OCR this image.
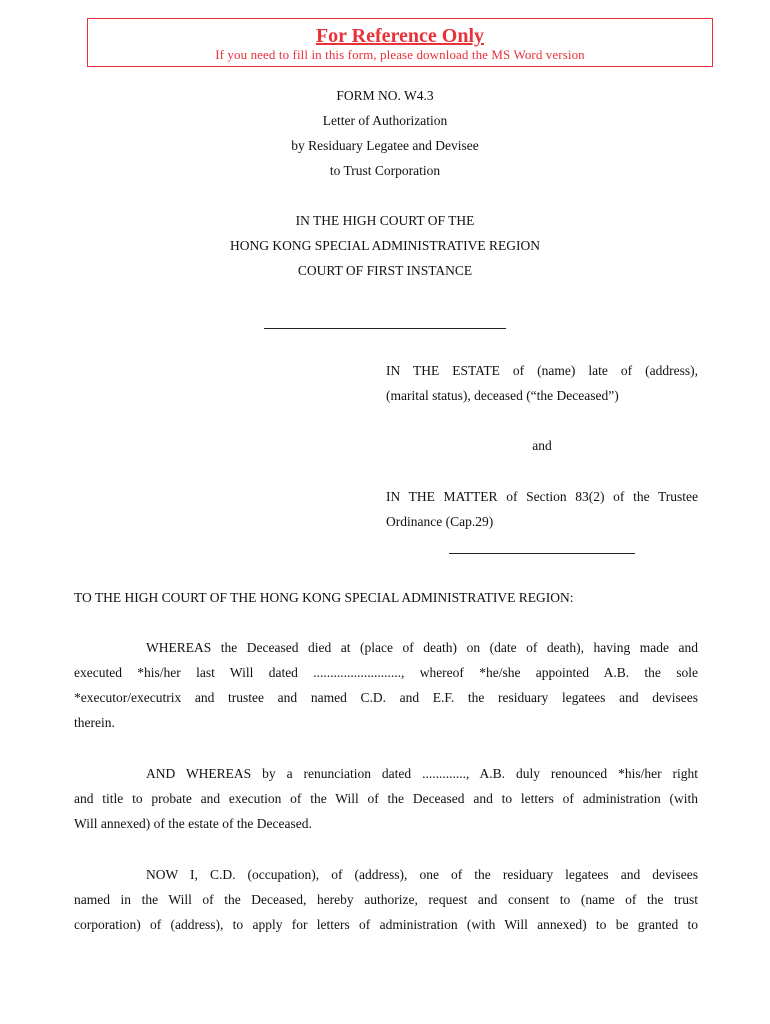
For Reference Only
If you need to fill in this form, please download the MS Word version
FORM NO. W4.3
Letter of Authorization
by Residuary Legatee and Devisee
to Trust Corporation
IN THE HIGH COURT OF THE
HONG KONG SPECIAL ADMINISTRATIVE REGION
COURT OF FIRST INSTANCE
IN THE ESTATE of (name) late of (address),
(marital status), deceased (“the Deceased”)
and
IN THE MATTER of Section 83(2) of the Trustee
Ordinance (Cap.29)
TO THE HIGH COURT OF THE HONG KONG SPECIAL ADMINISTRATIVE REGION:
WHEREAS the Deceased died at (place of death) on (date of death), having made and
executed *his/her last Will dated .........................., whereof *he/she appointed A.B. the sole
*executor/executrix and trustee and named C.D. and E.F. the residuary legatees and devisees
therein.
AND WHEREAS by a renunciation dated ............., A.B. duly renounced *his/her right
and title to probate and execution of the Will of the Deceased and to letters of administration (with
Will annexed) of the estate of the Deceased.
NOW I, C.D. (occupation), of (address), one of the residuary legatees and devisees
named in the Will of the Deceased, hereby authorize, request and consent to (name of the trust
corporation) of (address), to apply for letters of administration (with Will annexed) to be granted to
